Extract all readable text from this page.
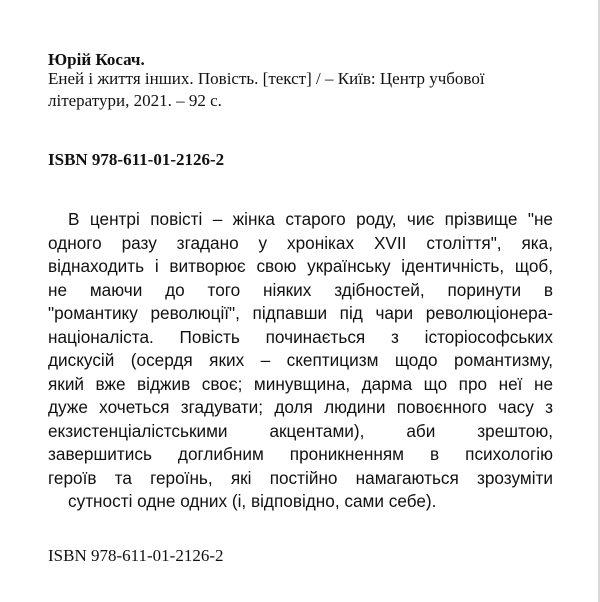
Юрій Косач.
Еней і життя інших. Повість. [текст] / – Київ: Центр учбової
літератури, 2021. – 92 с.
ISBN 978-611-01-2126-2
В центрі повісті – жінка старого роду, чиє прізвище "не
одного разу згадано у хроніках XVII століття", яка,
віднаходить і витворює свою українську ідентичність, щоб,
не маючи до того ніяких здібностей, поринути в
"романтику революції", підпавши під чари революціонера-
націоналіста. Повість починається з історіософських
дискусій (осердя яких – скептицизм щодо романтизму,
який вже віджив своє; минувщина, дарма що про неї не
дуже хочеться згадувати; доля людини повоєнного часу з
екзистенціалістськими акцентами), аби зрештою,
завершитись доглибним проникненням в психологію
героїв та героїнь, які постійно намагаються зрозуміти
сутності одне одних (і, відповідно, сами себе).
ISBN 978-611-01-2126-2
